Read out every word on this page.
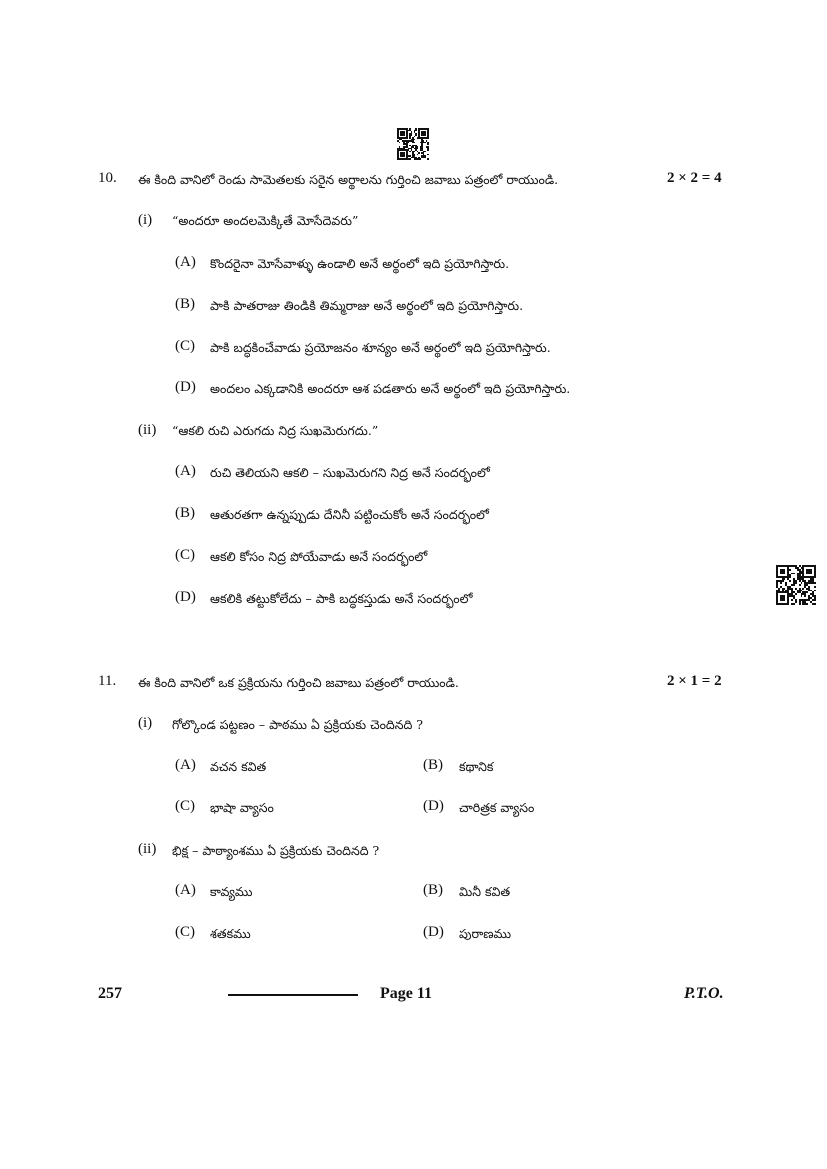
10. ఈ కింది వానిలో రెండు సామెతలకు సరైన అర్థాలను గుర్తించి జవాబు పత్రంలో రాయుండి.	2 × 2 = 4
(i) “అందరూ అందలమెక్కితే మోసేదెవరు”
(A) కొందరైనా మోసేవాళ్ళు ఉండాలి అనే అర్థంలో ఇది ప్రయోగిస్తారు.
(B) పాకి పాతరాజు తిండికి తిమ్మరాజు అనే అర్థంలో ఇది ప్రయోగిస్తారు.
(C) పాకి బద్ధకించేవాడు ప్రయోజనం శూన్యం అనే అర్థంలో ఇది ప్రయోగిస్తారు.
(D) అందలం ఎక్కడానికి అందరూ ఆశ పడతారు అనే అర్థంలో ఇది ప్రయోగిస్తారు.
(ii) “ఆకలి రుచి ఎరుగదు నిద్ర సుఖమెరుగదు.”
(A) రుచి తెలియని ఆకలి – సుఖమెరుగని నిద్ర అనే సందర్భంలో
(B) ఆతురతగా ఉన్నప్పుడు దేనినీ పట్టించుకోం అనే సందర్భంలో
(C) ఆకలి కోసం నిద్ర పోయేవాడు అనే సందర్భంలో
(D) ఆకలికి తట్టుకోలేదు – పాకి బద్ధకస్తుడు అనే సందర్భంలో
11. ఈ కింది వానిలో ఒక ప్రక్రియను గుర్తించి జవాబు పత్రంలో రాయుండి.	2 × 1 = 2
(i) గోల్కొండ పట్టణం – పాఠము ఏ ప్రక్రియకు చెందినది ?
(A) వచన కవిత	(B) కథానిక
(C) భాషా వ్యాసం	(D) చారిత్రక వ్యాసం
(ii) భిక్ష – పాఠ్యాంశము ఏ ప్రక్రియకు చెందినది ?
(A) కావ్యము	(B) మినీ కవిత
(C) శతకము	(D) పురాణము
257	Page 11	P.T.O.
